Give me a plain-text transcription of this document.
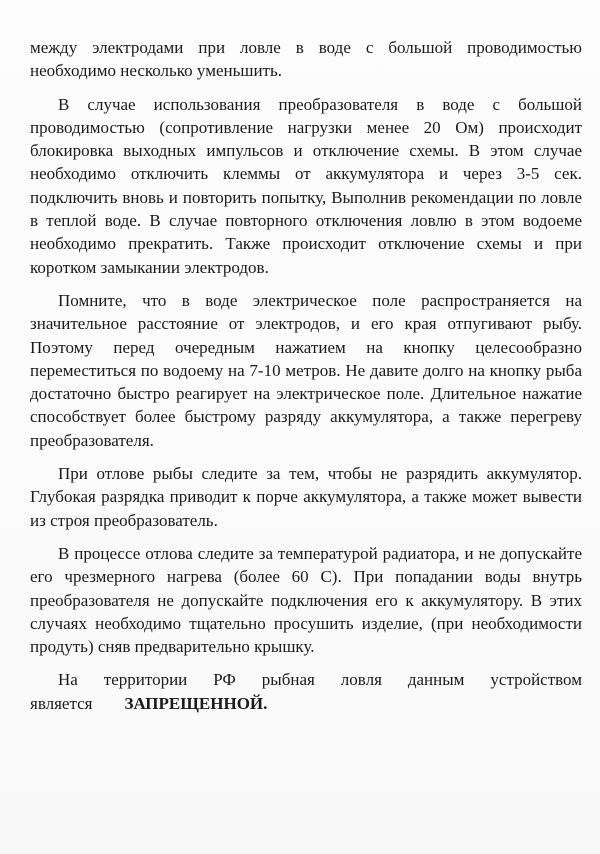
между электродами при ловле в воде с большой проводимостью необходимо несколько уменьшить.

В случае использования преобразователя в воде с большой проводимостью (сопротивление нагрузки менее 20 Ом) происходит блокировка выходных импульсов и отключение схемы. В этом случае необходимо отключить клеммы от аккумулятора и через 3-5 сек. подключить вновь и повторить попытку, Выполнив рекомендации по ловле в теплой воде. В случае повторного отключения ловлю в этом водоеме необходимо прекратить. Также происходит отключение схемы и при коротком замыкании электродов.

Помните, что в воде электрическое поле распространяется на значительное расстояние от электродов, и его края отпугивают рыбу. Поэтому перед очередным нажатием на кнопку целесообразно переместиться по водоему на 7-10 метров. Не давите долго на кнопку рыба достаточно быстро реагирует на электрическое поле. Длительное нажатие способствует более быстрому разряду аккумулятора, а также перегреву преобразователя.

При отлове рыбы следите за тем, чтобы не разрядить аккумулятор. Глубокая разрядка приводит к порче аккумулятора, а также может вывести из строя преобразователь.

В процессе отлова следите за температурой радиатора, и не допускайте его чрезмерного нагрева (более 60 С). При попадании воды внутрь преобразователя не допускайте подключения его к аккумулятору. В этих случаях необходимо тщательно просушить изделие, (при необходимости продуть) сняв предварительно крышку.

На территории РФ рыбная ловля данным устройством является ЗАПРЕЩЕННОЙ.
